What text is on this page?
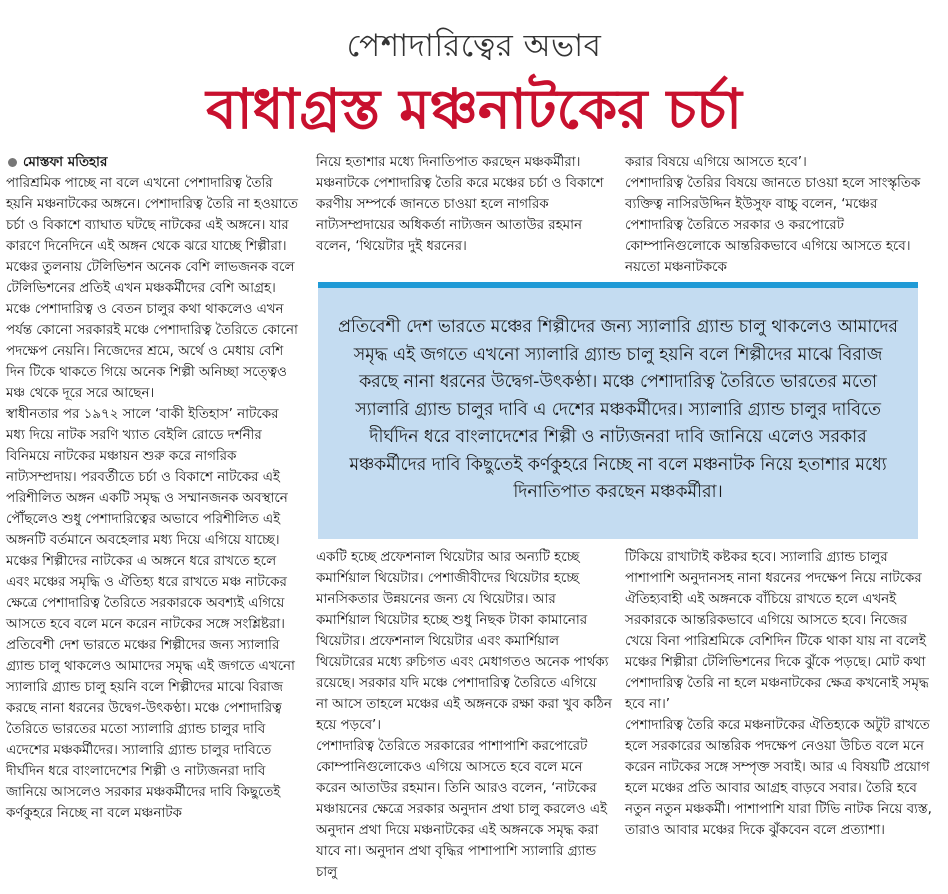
পেশাদারিত্বের অভাব
বাধাগ্রস্ত মঞ্চনাটকের চর্চা

মোস্তফা মতিহার

পারিশ্রমিক পাচ্ছে না বলে এখনো পেশাদারিত্ব তৈরি হয়নি মঞ্চনাটকের অঙ্গনে। পেশাদারিত্ব তৈরি না হওয়াতে চর্চা ও বিকাশে ব্যাঘাত ঘটছে নাটকের এই অঙ্গনে। যার কারণে দিনেদিনে এই অঙ্গন থেকে ঝরে যাচ্ছে শিল্পীরা। মঞ্চের তুলনায় টেলিভিশন অনেক বেশি লাভজনক বলে টেলিভিশনের প্রতিই এখন মঞ্চকর্মীদের বেশি আগ্রহ। মঞ্চে পেশাদারিত্ব ও বেতন চালুর কথা থাকলেও এখন পর্যন্ত কোনো সরকারই মঞ্চে পেশাদারিত্ব তৈরিতে কোনো পদক্ষেপ নেয়নি। নিজেদের শ্রমে, অর্থে ও মেধায় বেশি দিন টিকে থাকতে গিয়ে অনেক শিল্পী অনিচ্ছা সত্ত্বেও মঞ্চ থেকে দূরে সরে আছেন।

স্বাধীনতার পর ১৯৭২ সালে ‘বাকী ইতিহাস’ নাটকের মধ্য দিয়ে নাটক সরণি খ্যাত বেইলি রোডে দর্শনীর বিনিময়ে নাটকের মঞ্চায়ন শুরু করে নাগরিক নাট্যসম্প্রদায়। পরবর্তীতে চর্চা ও বিকাশে নাটকের এই পরিশীলিত অঙ্গন একটি সমৃদ্ধ ও সম্মানজনক অবস্থানে পৌঁছলেও শুধু পেশাদারিত্বের অভাবে পরিশীলিত এই অঙ্গনটি বর্তমানে অবহেলার মধ্য দিয়ে এগিয়ে যাচ্ছে। মঞ্চের শিল্পীদের নাটকের এ অঙ্গনে ধরে রাখতে হলে এবং মঞ্চের সমৃদ্ধি ও ঐতিহ্য ধরে রাখতে মঞ্চ নাটকের ক্ষেত্রে পেশাদারিত্ব তৈরিতে সরকারকে অবশ্যই এগিয়ে আসতে হবে বলে মনে করেন নাটকের সঙ্গে সংশ্লিষ্টরা। প্রতিবেশী দেশ ভারতে মঞ্চের শিল্পীদের জন্য স্যালারি গ্র্যান্ড চালু থাকলেও আমাদের সমৃদ্ধ এই জগতে এখনো স্যালারি গ্র্যান্ড চালু হয়নি বলে শিল্পীদের মাঝে বিরাজ করছে নানা ধরনের উদ্বেগ-উৎকণ্ঠা। মঞ্চে পেশাদারিত্ব তৈরিতে ভারতের মতো স্যালারি গ্র্যান্ড চালুর দাবি এদেশের মঞ্চকর্মীদের। স্যালারি গ্র্যান্ড চালুর দাবিতে দীর্ঘদিন ধরে বাংলাদেশের শিল্পী ও নাট্যজনরা দাবি জানিয়ে আসলেও সরকার মঞ্চকর্মীদের দাবি কিছুতেই কর্ণকুহরে নিচ্ছে না বলে মঞ্চনাটক

নিয়ে হতাশার মধ্যে দিনাতিপাত করছেন মঞ্চকর্মীরা।

মঞ্চনাটকে পেশাদারিত্ব তৈরি করে মঞ্চের চর্চা ও বিকাশে করণীয় সম্পর্কে জানতে চাওয়া হলে নাগরিক নাট্যসম্প্রদায়ের অধিকর্তা নাট্যজন আতাউর রহমান বলেন, ‘থিয়েটার দুই ধরনের।

করার বিষয়ে এগিয়ে আসতে হবে’।

পেশাদারিত্ব তৈরির বিষয়ে জানতে চাওয়া হলে সাংস্কৃতিক ব্যক্তিত্ব নাসিরউদ্দিন ইউসুফ বাচ্চু বলেন, ‘মঞ্চের পেশাদারিত্ব তৈরিতে সরকার ও করপোরেট কোম্পানিগুলোকে আন্তরিকভাবে এগিয়ে আসতে হবে। নয়তো মঞ্চনাটককে

প্রতিবেশী দেশ ভারতে মঞ্চের শিল্পীদের জন্য স্যালারি গ্র্যান্ড চালু থাকলেও আমাদের সমৃদ্ধ এই জগতে এখনো স্যালারি গ্র্যান্ড চালু হয়নি বলে শিল্পীদের মাঝে বিরাজ করছে নানা ধরনের উদ্বেগ-উৎকণ্ঠা। মঞ্চে পেশাদারিত্ব তৈরিতে ভারতের মতো স্যালারি গ্র্যান্ড চালুর দাবি এ দেশের মঞ্চকর্মীদের। স্যালারি গ্র্যান্ড চালুর দাবিতে দীর্ঘদিন ধরে বাংলাদেশের শিল্পী ও নাট্যজনরা দাবি জানিয়ে এলেও সরকার মঞ্চকর্মীদের দাবি কিছুতেই কর্ণকুহরে নিচ্ছে না বলে মঞ্চনাটক নিয়ে হতাশার মধ্যে দিনাতিপাত করছেন মঞ্চকর্মীরা।

একটি হচ্ছে প্রফেশনাল থিয়েটার আর অন্যটি হচ্ছে কমার্শিয়াল থিয়েটার। পেশাজীবীদের থিয়েটার হচ্ছে মানসিকতার উন্নয়নের জন্য যে থিয়েটার। আর কমার্শিয়াল থিয়েটার হচ্ছে শুধু নিছক টাকা কামানোর থিয়েটার। প্রফেশনাল থিয়েটার এবং কমার্শিয়াল থিয়েটারের মধ্যে রুচিগত এবং মেধাগতও অনেক পার্থক্য রয়েছে। সরকার যদি মঞ্চে পেশাদারিত্ব তৈরিতে এগিয়ে না আসে তাহলে মঞ্চের এই অঙ্গনকে রক্ষা করা খুব কঠিন হয়ে পড়বে’।

পেশাদারিত্ব তৈরিতে সরকারের পাশাপাশি করপোরেট কোম্পানিগুলোকেও এগিয়ে আসতে হবে বলে মনে করেন আতাউর রহমান। তিনি আরও বলেন, ‘নাটকের মঞ্চায়নের ক্ষেত্রে সরকার অনুদান প্রথা চালু করলেও এই অনুদান প্রথা দিয়ে মঞ্চনাটকের এই অঙ্গনকে সমৃদ্ধ করা যাবে না। অনুদান প্রথা বৃদ্ধির পাশাপাশি স্যালারি গ্র্যান্ড চালু

টিকিয়ে রাখাটাই কষ্টকর হবে। স্যালারি গ্র্যান্ড চালুর পাশাপাশি অনুদানসহ নানা ধরনের পদক্ষেপ নিয়ে নাটকের ঐতিহ্যবাহী এই অঙ্গনকে বাঁচিয়ে রাখতে হলে এখনই সরকারকে আন্তরিকভাবে এগিয়ে আসতে হবে। নিজের খেয়ে বিনা পারিশ্রমিকে বেশিদিন টিকে থাকা যায় না বলেই মঞ্চের শিল্পীরা টেলিভিশনের দিকে ঝুঁকে পড়ছে। মোট কথা পেশাদারিত্ব তৈরি না হলে মঞ্চনাটকের ক্ষেত্র কখনোই সমৃদ্ধ হবে না।’

পেশাদারিত্ব তৈরি করে মঞ্চনাটকের ঐতিহ্যকে অটুট রাখতে হলে সরকারের আন্তরিক পদক্ষেপ নেওয়া উচিত বলে মনে করেন নাটকের সঙ্গে সম্পৃক্ত সবাই। আর এ বিষয়টি প্রয়োগ হলে মঞ্চের প্রতি আবার আগ্রহ বাড়বে সবার। তৈরি হবে নতুন নতুন মঞ্চকর্মী। পাশাপাশি যারা টিভি নাটক নিয়ে ব্যস্ত, তারাও আবার মঞ্চের দিকে ঝুঁকবেন বলে প্রত্যাশা।
